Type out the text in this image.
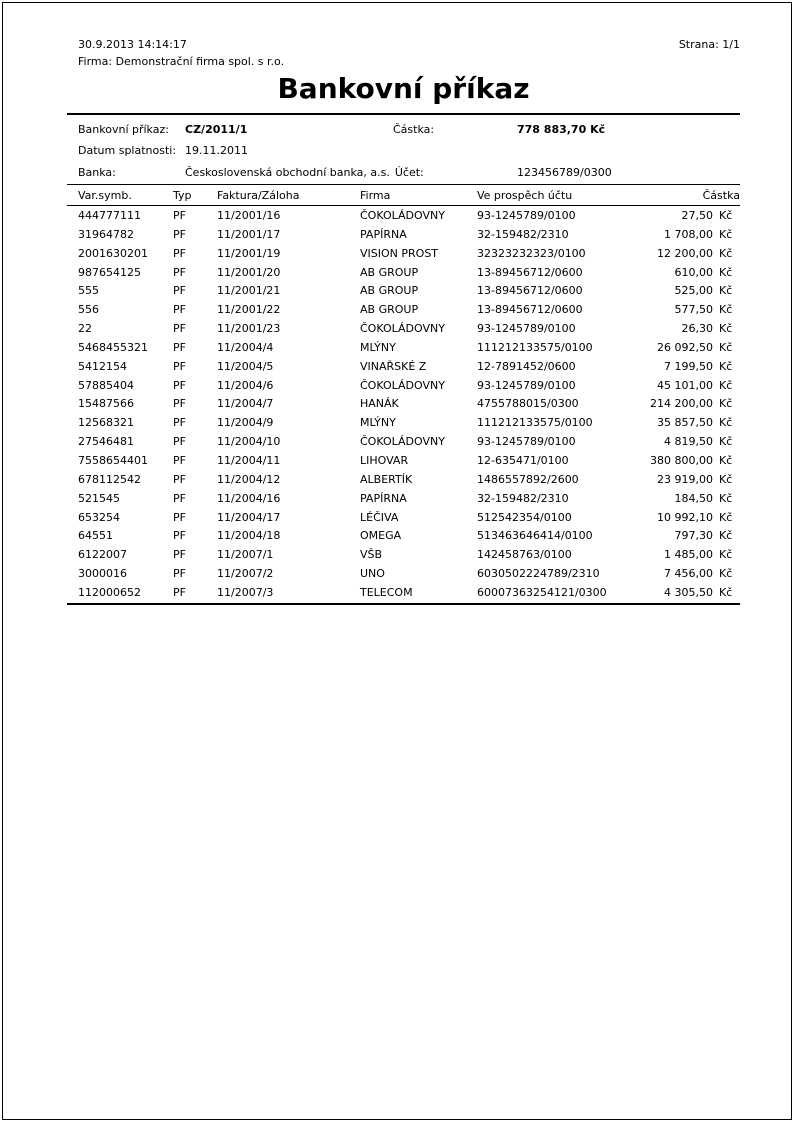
30.9.2013 14:14:17
Firma: Demonstrační firma spol. s r.o.
Strana: 1/1
Bankovní příkaz
Bankovní příkaz: CZ/2011/1	Částka:	778 883,70 Kč
Datum splatnosti: 19.11.2011
Banka:	Československá obchodní banka, a.s. Účet:	123456789/0300
Var.symb.	Typ Faktura/Záloha	Firma	Ve prospěch účtu	Částka
444777111	PF	11/2001/16	ČOKOLÁDOVNY	93-1245789/0100	27,50 Kč
31964782	PF	11/2001/17	PAPÍRNA	32-159482/2310	1 708,00 Kč
2001630201 PF	11/2001/19	VISION PROST	32323232323/0100	12 200,00 Kč
987654125	PF	11/2001/20	AB GROUP	13-89456712/0600	610,00 Kč
555	PF	11/2001/21	AB GROUP	13-89456712/0600	525,00 Kč
556	PF	11/2001/22	AB GROUP	13-89456712/0600	577,50 Kč
22	PF	11/2001/23	ČOKOLÁDOVNY	93-1245789/0100	26,30 Kč
5468455321 PF	11/2004/4	MLÝNY	111212133575/0100	26 092,50 Kč
5412154	PF	11/2004/5	VINAŘSKÉ Z	12-7891452/0600	7 199,50 Kč
57885404	PF	11/2004/6	ČOKOLÁDOVNY	93-1245789/0100	45 101,00 Kč
15487566	PF	11/2004/7	HANÁK	4755788015/0300	214 200,00 Kč
12568321	PF	11/2004/9	MLÝNY	111212133575/0100	35 857,50 Kč
27546481	PF	11/2004/10	ČOKOLÁDOVNY	93-1245789/0100	4 819,50 Kč
7558654401 PF	11/2004/11	LIHOVAR	12-635471/0100	380 800,00 Kč
678112542	PF	11/2004/12	ALBERTÍK	1486557892/2600	23 919,00 Kč
521545	PF	11/2004/16	PAPÍRNA	32-159482/2310	184,50 Kč
653254	PF	11/2004/17	LÉČIVA	512542354/0100	10 992,10 Kč
64551	PF	11/2004/18	OMEGA	513463646414/0100	797,30 Kč
6122007	PF	11/2007/1	VŠB	142458763/0100	1 485,00 Kč
3000016	PF	11/2007/2	UNO	6030502224789/2310	7 456,00 Kč
112000652	PF	11/2007/3	TELECOM	60007363254121/0300	4 305,50 Kč
